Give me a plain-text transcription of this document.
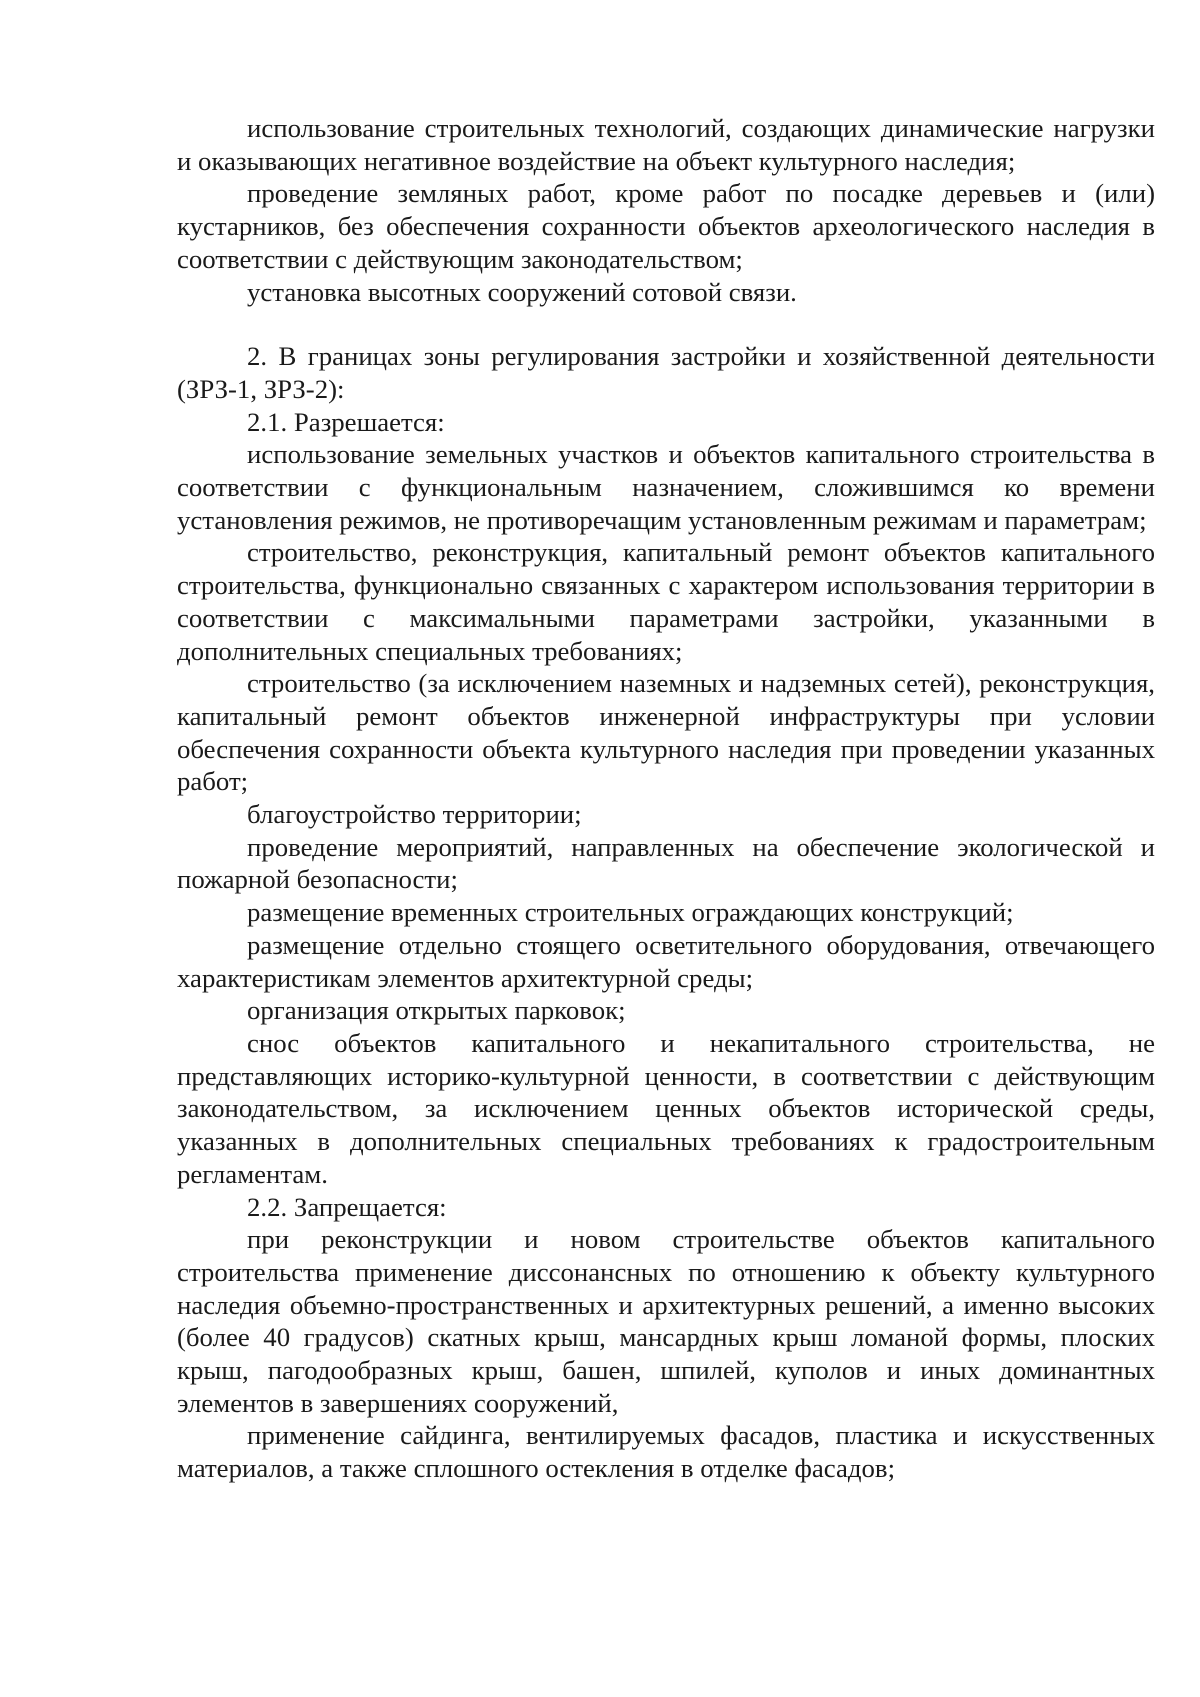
использование строительных технологий, создающих динамические нагрузки и оказывающих негативное воздействие на объект культурного наследия;

проведение земляных работ, кроме работ по посадке деревьев и (или) кустарников, без обеспечения сохранности объектов археологического наследия в соответствии с действующим законодательством;

установка высотных сооружений сотовой связи.

2. В границах зоны регулирования застройки и хозяйственной деятельности (ЗРЗ-1, ЗРЗ-2):

2.1. Разрешается:

использование земельных участков и объектов капитального строительства в соответствии с функциональным назначением, сложившимся ко времени установления режимов, не противоречащим установленным режимам и параметрам;

строительство, реконструкция, капитальный ремонт объектов капитального строительства, функционально связанных с характером использования территории в соответствии с максимальными параметрами застройки, указанными в дополнительных специальных требованиях;

строительство (за исключением наземных и надземных сетей), реконструкция, капитальный ремонт объектов инженерной инфраструктуры при условии обеспечения сохранности объекта культурного наследия при проведении указанных работ;

благоустройство территории;

проведение мероприятий, направленных на обеспечение экологической и пожарной безопасности;

размещение временных строительных ограждающих конструкций;

размещение отдельно стоящего осветительного оборудования, отвечающего характеристикам элементов архитектурной среды;

организация открытых парковок;

снос объектов капитального и некапитального строительства, не представляющих историко-культурной ценности, в соответствии с действующим законодательством, за исключением ценных объектов исторической среды, указанных в дополнительных специальных требованиях к градостроительным регламентам.

2.2. Запрещается:

при реконструкции и новом строительстве объектов капитального строительства применение диссонансных по отношению к объекту культурного наследия объемно-пространственных и архитектурных решений, а именно высоких (более 40 градусов) скатных крыш, мансардных крыш ломаной формы, плоских крыш, пагодообразных крыш, башен, шпилей, куполов и иных доминантных элементов в завершениях сооружений,

применение сайдинга, вентилируемых фасадов, пластика и искусственных материалов, а также сплошного остекления в отделке фасадов;
